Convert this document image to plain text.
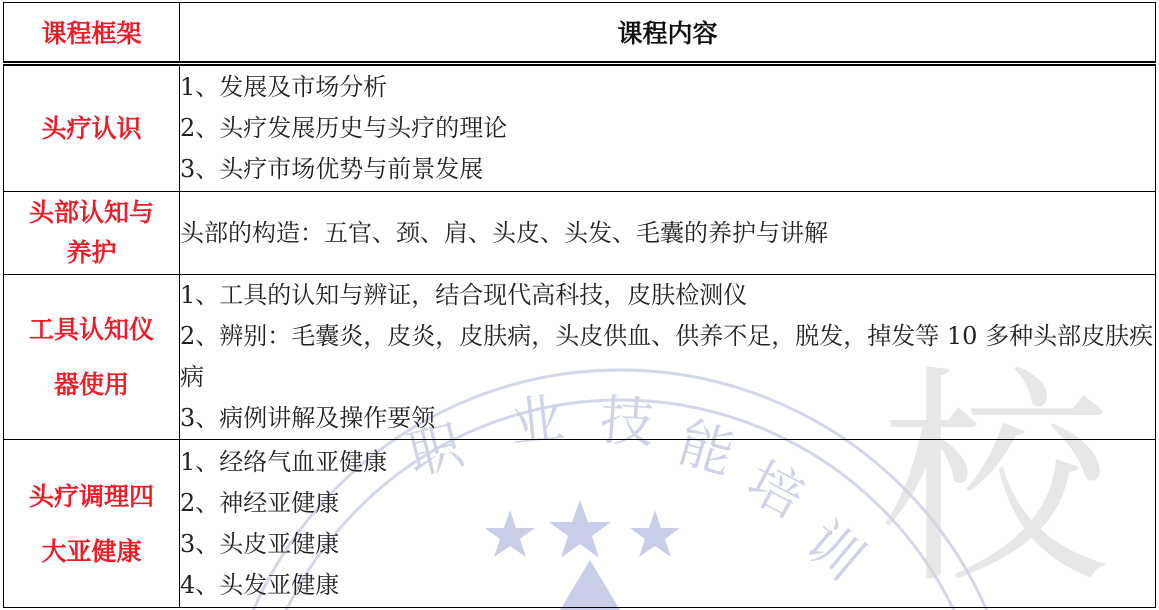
职 业 技 能
培
训 校
课程框架	课程内容

头疗认识	1、发展及市场分析
2、头疗发展历史与头疗的理论
3、头疗市场优势与前景发展

头部认知与
养护	头部的构造：五官、颈、肩、头皮、头发、毛囊的养护与讲解

工具认知仪
器使用	1、工具的认知与辨证，结合现代高科技，皮肤检测仪
2、辨别：毛囊炎，皮炎，皮肤病，头皮供血、供养不足，脱发，掉发等 10 多种头部皮肤疾病
3、病例讲解及操作要领

头疗调理四
大亚健康	1、经络气血亚健康
2、神经亚健康
3、头皮亚健康
4、头发亚健康
